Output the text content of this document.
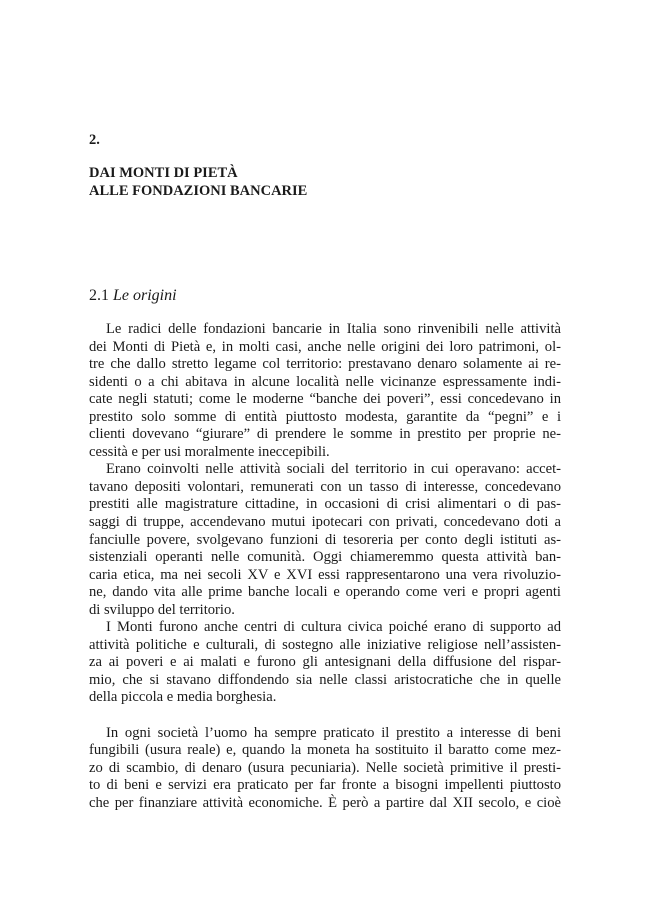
2.
DAI MONTI DI PIETÀ
ALLE FONDAZIONI BANCARIE
2.1 Le origini
Le radici delle fondazioni bancarie in Italia sono rinvenibili nelle attività
dei Monti di Pietà e, in molti casi, anche nelle origini dei loro patrimoni, ol-
tre che dallo stretto legame col territorio: prestavano denaro solamente ai re-
sidenti o a chi abitava in alcune località nelle vicinanze espressamente indi-
cate negli statuti; come le moderne “banche dei poveri”, essi concedevano in
prestito solo somme di entità piuttosto modesta, garantite da “pegni” e i
clienti dovevano “giurare” di prendere le somme in prestito per proprie ne-
cessità e per usi moralmente ineccepibili.
Erano coinvolti nelle attività sociali del territorio in cui operavano: accet-
tavano depositi volontari, remunerati con un tasso di interesse, concedevano
prestiti alle magistrature cittadine, in occasioni di crisi alimentari o di pas-
saggi di truppe, accendevano mutui ipotecari con privati, concedevano doti a
fanciulle povere, svolgevano funzioni di tesoreria per conto degli istituti as-
sistenziali operanti nelle comunità. Oggi chiameremmo questa attività ban-
caria etica, ma nei secoli XV e XVI essi rappresentarono una vera rivoluzio-
ne, dando vita alle prime banche locali e operando come veri e propri agenti
di sviluppo del territorio.
I Monti furono anche centri di cultura civica poiché erano di supporto ad
attività politiche e culturali, di sostegno alle iniziative religiose nell’assisten-
za ai poveri e ai malati e furono gli antesignani della diffusione del rispar-
mio, che si stavano diffondendo sia nelle classi aristocratiche che in quelle
della piccola e media borghesia.
In ogni società l’uomo ha sempre praticato il prestito a interesse di beni
fungibili (usura reale) e, quando la moneta ha sostituito il baratto come mez-
zo di scambio, di denaro (usura pecuniaria). Nelle società primitive il presti-
to di beni e servizi era praticato per far fronte a bisogni impellenti piuttosto
che per finanziare attività economiche. È però a partire dal XII secolo, e cioè
